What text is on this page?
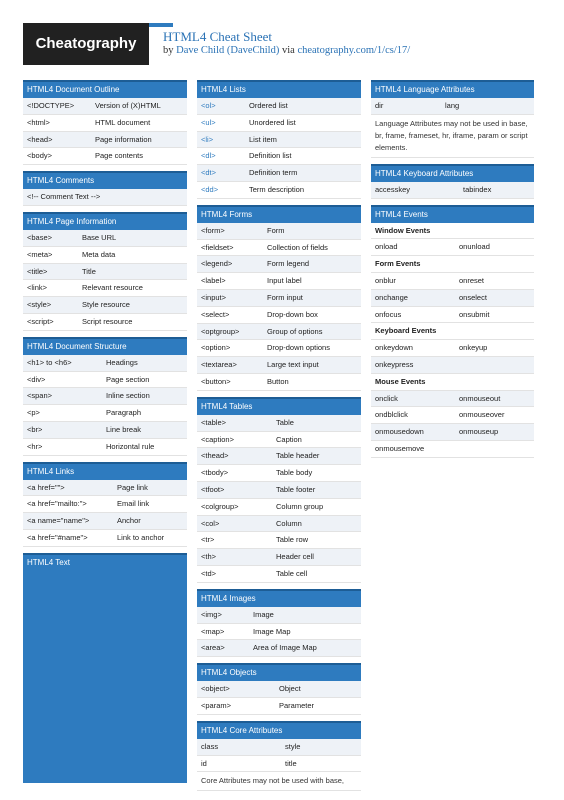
Cheatography	HTML4 Cheat Sheet
by Dave Child (DaveChild) via cheatography.com/1/cs/17/
HTML4 Document Outline
<!DOCTYPE>	Version of (X)HTML
<html>	HTML document
<head>	Page information
<body>	Page contents
HTML4 Comments
<!-- Comment Text -->
HTML4 Page Information
<base>	Base URL
<meta>	Meta data
<title>	Title
<link>	Relevant resource
<style>	Style resource
<script>	Script resource
HTML4 Document Structure
<h1> to <h6>	Headings
<div>	Page section
<span>	Inline section
<p>	Paragraph
<br>	Line break
<hr>	Horizontal rule
HTML4 Links
<a href="">	Page link
<a href="mailto:">	Email link
<a name="name">	Anchor
<a href="#name">	Link to anchor
HTML4 Text
HTML4 Lists
<ol>	Ordered list
<ul>	Unordered list
<li>	List item
<dl>	Definition list
<dt>	Definition term
<dd>	Term description
HTML4 Forms
<form>	Form
<fieldset>	Collection of fields
<legend>	Form legend
<label>	Input label
<input>	Form input
<select>	Drop-down box
<optgroup>	Group of options
<option>	Drop-down options
<textarea>	Large text input
<button>	Button
HTML4 Tables
<table>	Table
<caption>	Caption
<thead>	Table header
<tbody>	Table body
<tfoot>	Table footer
<colgroup>	Column group
<col>	Column
<tr>	Table row
<th>	Header cell
<td>	Table cell
HTML4 Images
<img>	Image
<map>	Image Map
<area>	Area of Image Map
HTML4 Objects
<object>	Object
<param>	Parameter
HTML4 Core Attributes
class	style
id	title
Core Attributes may not be used with base,
HTML4 Language Attributes
dir	lang
Language Attributes may not be used in base, br, frame, frameset, hr, iframe, param or script elements.
HTML4 Keyboard Attributes
accesskey	tabindex
HTML4 Events
Window Events
onload	onunload
Form Events
onblur	onreset
onchange	onselect
onfocus	onsubmit
Keyboard Events
onkeydown	onkeyup
onkeypress
Mouse Events
onclick	onmouseout
ondblclick	onmouseover
onmousedown	onmouseup
onmousemove
